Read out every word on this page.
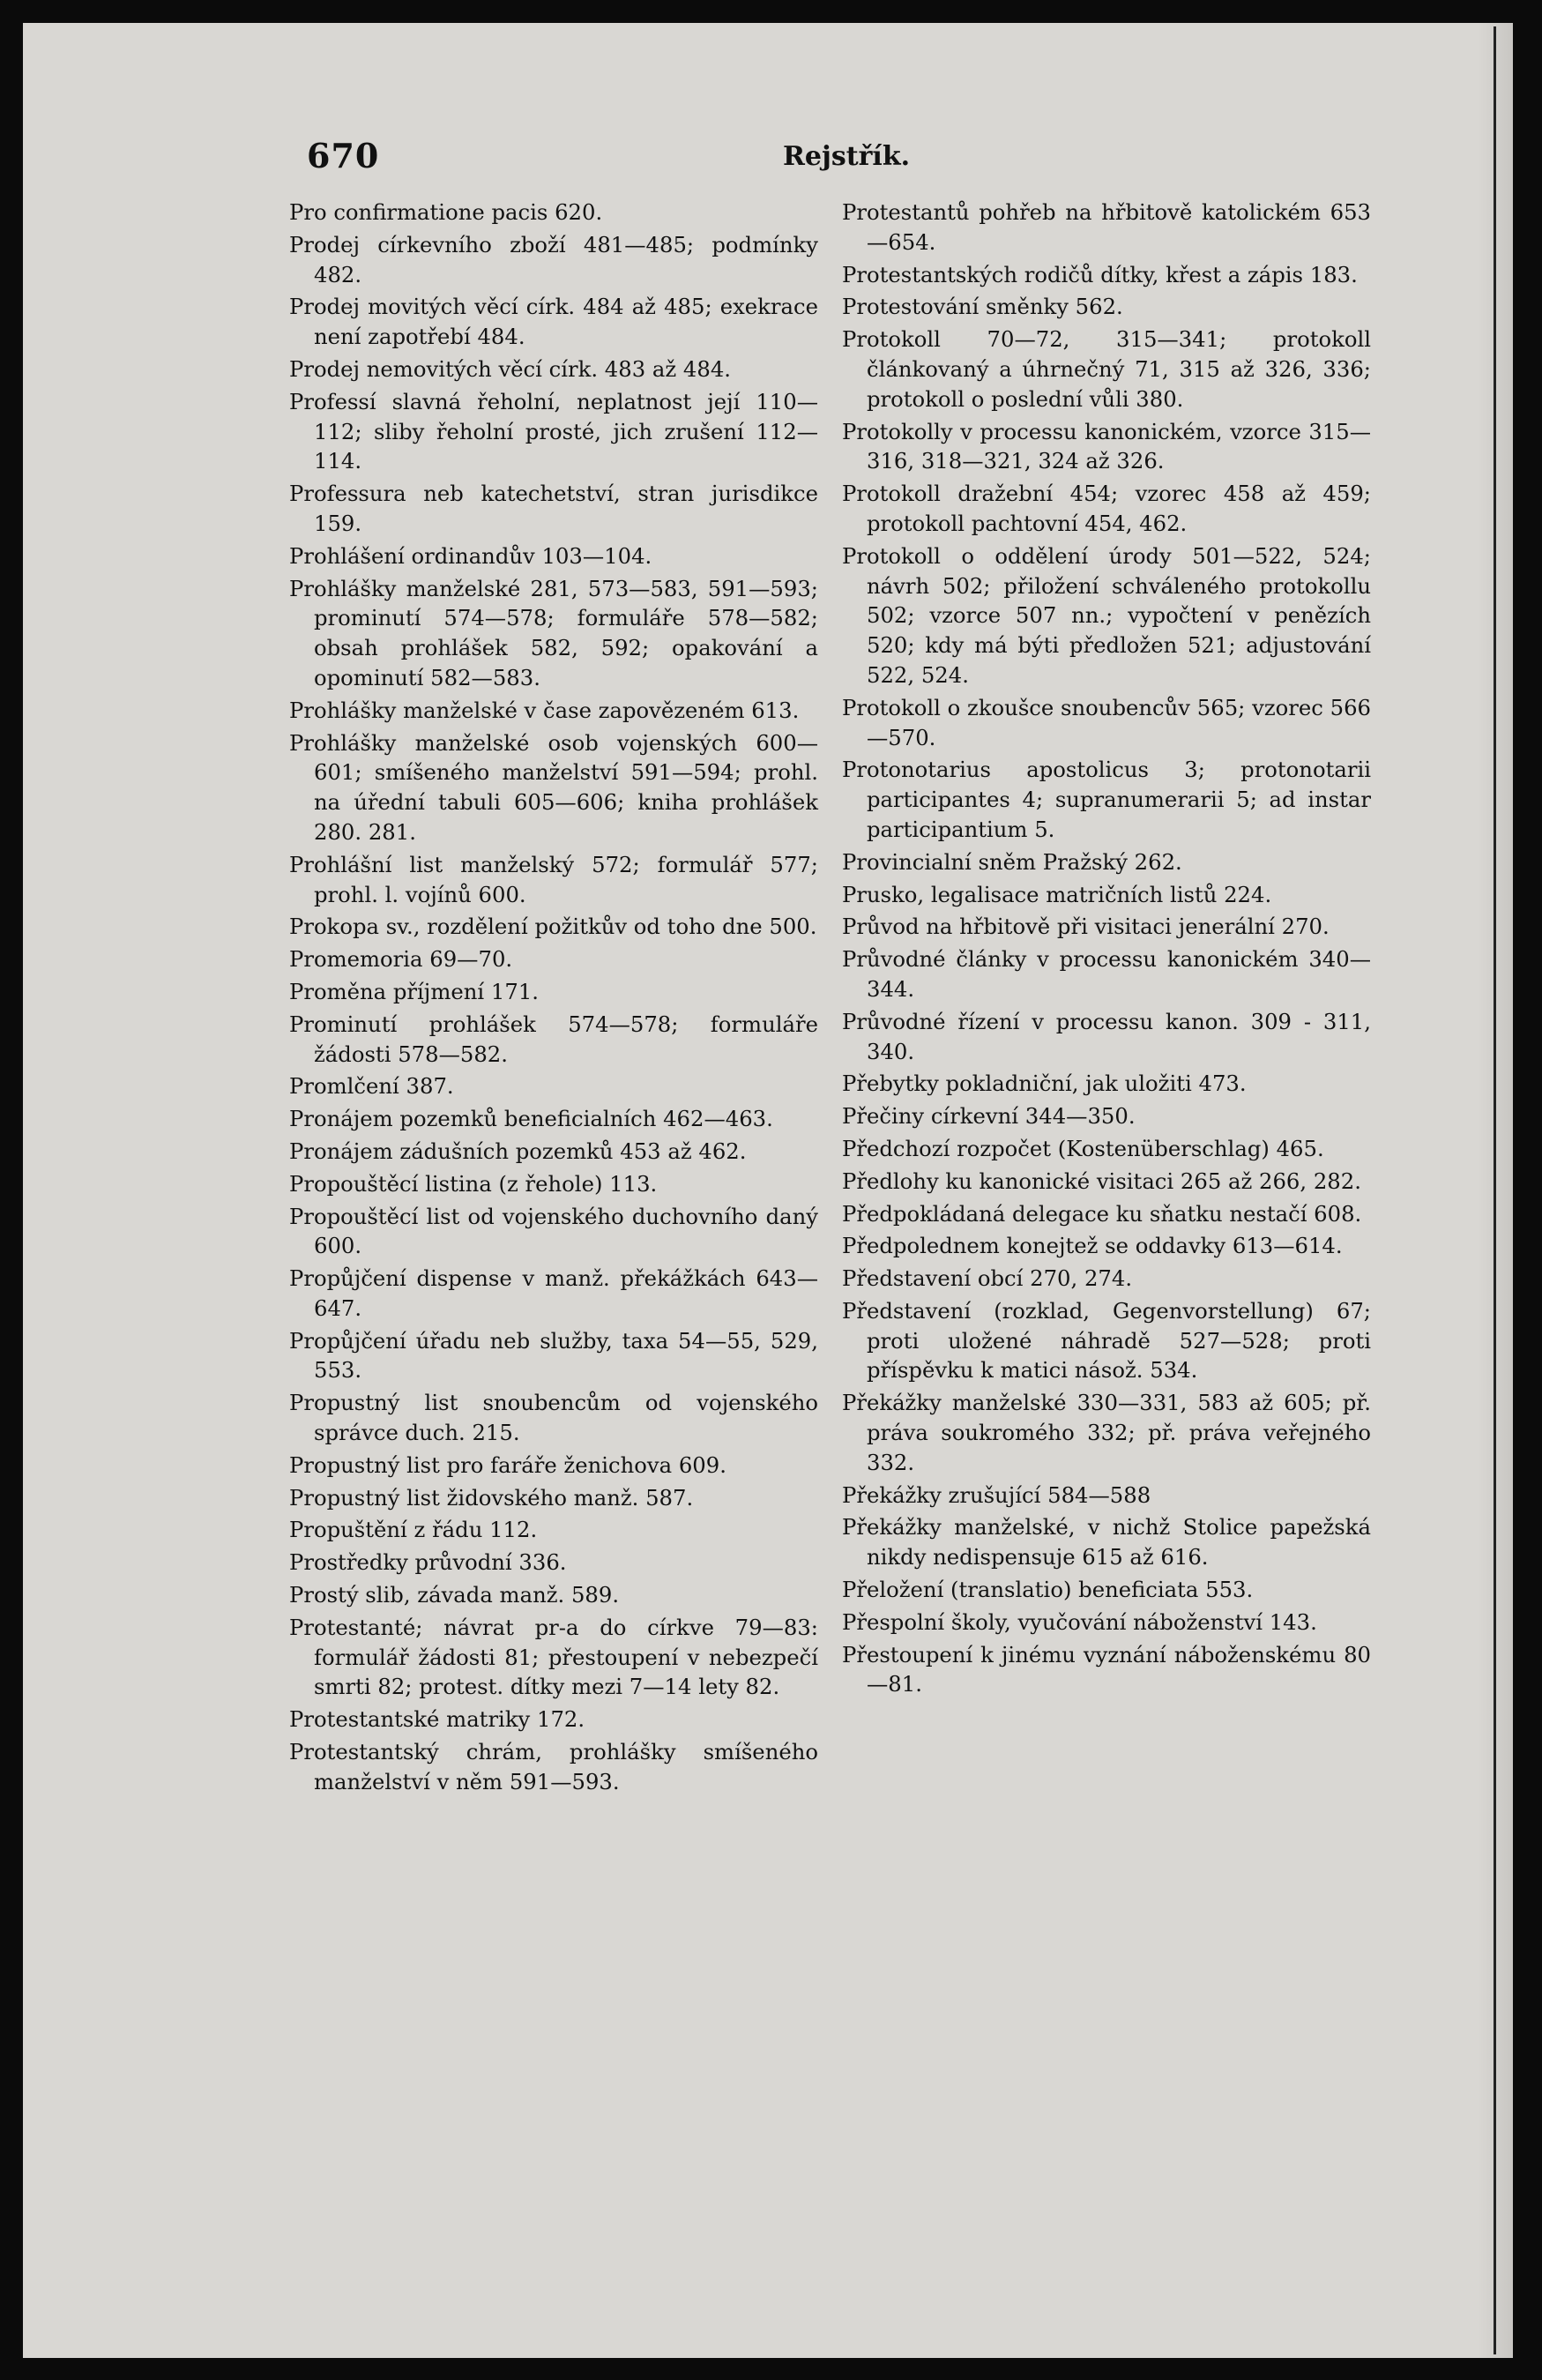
670	Rejstřík.

Pro confirmatione pacis 620.

Prodej církevního zboží 481—485; podmínky 482.

Prodej movitých věcí círk. 484 až 485; exekrace není zapotřebí 484.

Prodej nemovitých věcí círk. 483 až 484.

Professí slavná řeholní, neplatnost její 110—112; sliby řeholní prosté, jich zrušení 112—114.

Professura neb katechetství, stran jurisdikce 159.

Prohlášení ordinandův 103—104.

Prohlášky manželské 281, 573—583, 591—593; prominutí 574—578; formuláře 578—582; obsah prohlášek 582, 592; opakování a opominutí 582—583.

Prohlášky manželské v čase zapovězeném 613.

Prohlášky manželské osob vojenských 600—601; smíšeného manželství 591—594; prohl. na úřední tabuli 605—606; kniha prohlášek 280. 281.

Prohlášní list manželský 572; formulář 577; prohl. l. vojínů 600.

Prokopa sv., rozdělení požitkův od toho dne 500.

Promemoria 69—70.

Proměna příjmení 171.

Prominutí prohlášek 574—578; formuláře žádosti 578—582.

Promlčení 387.

Pronájem pozemků beneficialních 462—463.

Pronájem zádušních pozemků 453 až 462.

Propouštěcí listina (z řehole) 113.

Propouštěcí list od vojenského duchovního daný 600.

Propůjčení dispense v manž. překážkách 643—647.

Propůjčení úřadu neb služby, taxa 54—55, 529, 553.

Propustný list snoubencům od vojenského správce duch. 215.

Propustný list pro faráře ženichova 609.

Propustný list židovského manž. 587.

Propuštění z řádu 112.

Prostředky průvodní 336.

Prostý slib, závada manž. 589.

Protestanté; návrat pr-a do církve 79—83: formulář žádosti 81; přestoupení v nebezpečí smrti 82; protest. dítky mezi 7—14 lety 82.

Protestantské matriky 172.

Protestantský chrám, prohlášky smíšeného manželství v něm 591—593.

Protestantů pohřeb na hřbitově katolickém 653—654.

Protestantských rodičů dítky, křest a zápis 183.

Protestování směnky 562.

Protokoll 70—72, 315—341; protokoll článkovaný a úhrnečný 71, 315 až 326, 336; protokoll o poslední vůli 380.

Protokolly v processu kanonickém, vzorce 315—316, 318—321, 324 až 326.

Protokoll dražební 454; vzorec 458 až 459; protokoll pachtovní 454, 462.

Protokoll o oddělení úrody 501—522, 524; návrh 502; přiložení schváleného protokollu 502; vzorce 507 nn.; vypočtení v penězích 520; kdy má býti předložen 521; adjustování 522, 524.

Protokoll o zkoušce snoubencův 565; vzorec 566—570.

Protonotarius apostolicus 3; protonotarii participantes 4; supranumerarii 5; ad instar participantium 5.

Provincialní sněm Pražský 262.

Prusko, legalisace matričních listů 224.

Průvod na hřbitově při visitaci jenerální 270.

Průvodné články v processu kanonickém 340—344.

Průvodné řízení v processu kanon. 309 - 311, 340.

Přebytky pokladniční, jak uložiti 473.

Přečiny církevní 344—350.

Předchozí rozpočet (Kostenüberschlag) 465.

Předlohy ku kanonické visitaci 265 až 266, 282.

Předpokládaná delegace ku sňatku nestačí 608.

Předpolednem konejtež se oddavky 613—614.

Představení obcí 270, 274.

Představení (rozklad, Gegenvorstellung) 67; proti uložené náhradě 527—528; proti příspěvku k matici násož. 534.

Překážky manželské 330—331, 583 až 605; př. práva soukromého 332; př. práva veřejného 332.

Překážky zrušující 584—588

Překážky manželské, v nichž Stolice papežská nikdy nedispensuje 615 až 616.

Přeložení (translatio) beneficiata 553.

Přespolní školy, vyučování náboženství 143.

Přestoupení k jinému vyznání náboženskému 80—81.
